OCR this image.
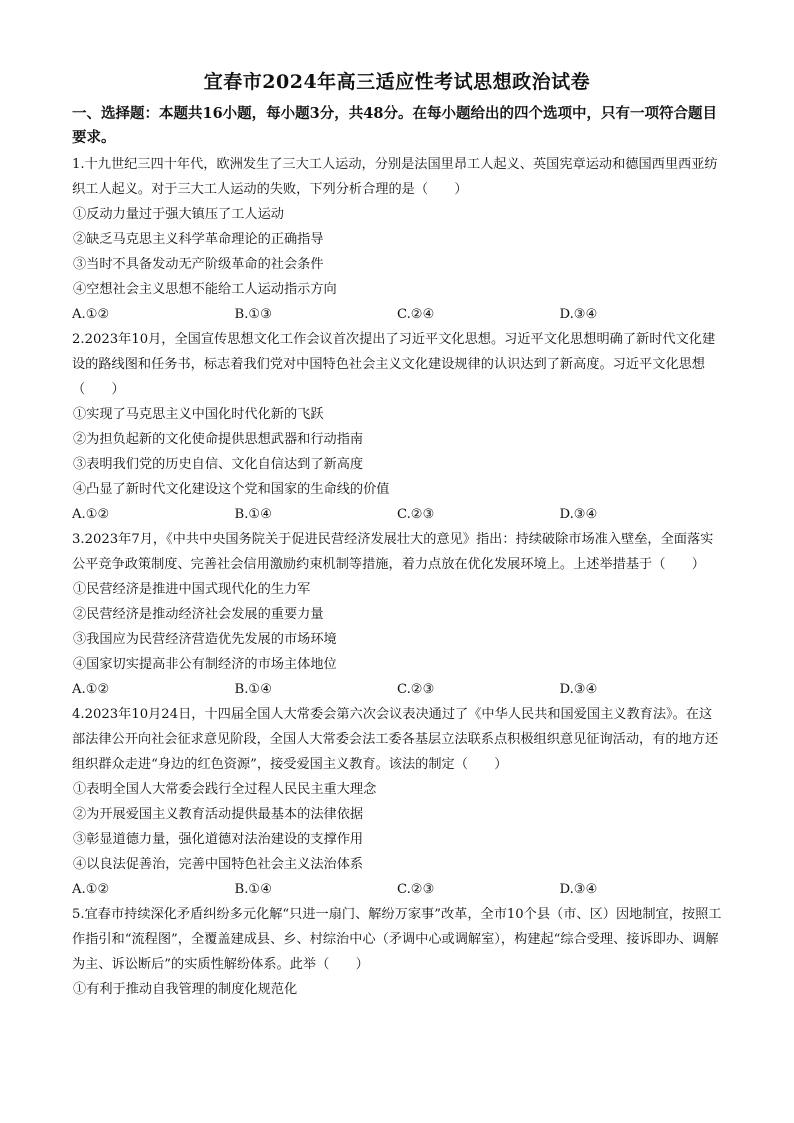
宜春市2024年高三适应性考试思想政治试卷
一、选择题：本题共16小题，每小题3分，共48分。在每小题给出的四个选项中，只有一项符合题目要求。

1.十九世纪三四十年代，欧洲发生了三大工人运动，分别是法国里昂工人起义、英国宪章运动和德国西里西亚纺织工人起义。对于三大工人运动的失败，下列分析合理的是（　　）

①反动力量过于强大镇压了工人运动

②缺乏马克思主义科学革命理论的正确指导

③当时不具备发动无产阶级革命的社会条件

④空想社会主义思想不能给工人运动指示方向

A.①②	B.①③	C.②④	D.③④

2.2023年10月，全国宣传思想文化工作会议首次提出了习近平文化思想。习近平文化思想明确了新时代文化建设的路线图和任务书，标志着我们党对中国特色社会主义文化建设规律的认识达到了新高度。习近平文化思想（　　）

①实现了马克思主义中国化时代化新的飞跃

②为担负起新的文化使命提供思想武器和行动指南

③表明我们党的历史自信、文化自信达到了新高度

④凸显了新时代文化建设这个党和国家的生命线的价值

A.①②	B.①④	C.②③	D.③④

3.2023年7月，《中共中央国务院关于促进民营经济发展壮大的意见》指出：持续破除市场准入壁垒，全面落实公平竞争政策制度、完善社会信用激励约束机制等措施，着力点放在优化发展环境上。上述举措基于（　　）

①民营经济是推进中国式现代化的生力军

②民营经济是推动经济社会发展的重要力量

③我国应为民营经济营造优先发展的市场环境

④国家切实提高非公有制经济的市场主体地位

A.①②	B.①④	C.②③	D.③④

4.2023年10月24日，十四届全国人大常委会第六次会议表决通过了《中华人民共和国爱国主义教育法》。在这部法律公开向社会征求意见阶段，全国人大常委会法工委各基层立法联系点积极组织意见征询活动，有的地方还组织群众走进“身边的红色资源”，接受爱国主义教育。该法的制定（　　）

①表明全国人大常委会践行全过程人民民主重大理念

②为开展爱国主义教育活动提供最基本的法律依据

③彰显道德力量，强化道德对法治建设的支撑作用

④以良法促善治，完善中国特色社会主义法治体系

A.①②	B.①④	C.②③	D.③④

5.宜春市持续深化矛盾纠纷多元化解“只进一扇门、解纷万家事”改革，全市10个县（市、区）因地制宜，按照工作指引和“流程图”，全覆盖建成县、乡、村综治中心（矛调中心或调解室），构建起“综合受理、接诉即办、调解为主、诉讼断后”的实质性解纷体系。此举（　　）

①有利于推动自我管理的制度化规范化
